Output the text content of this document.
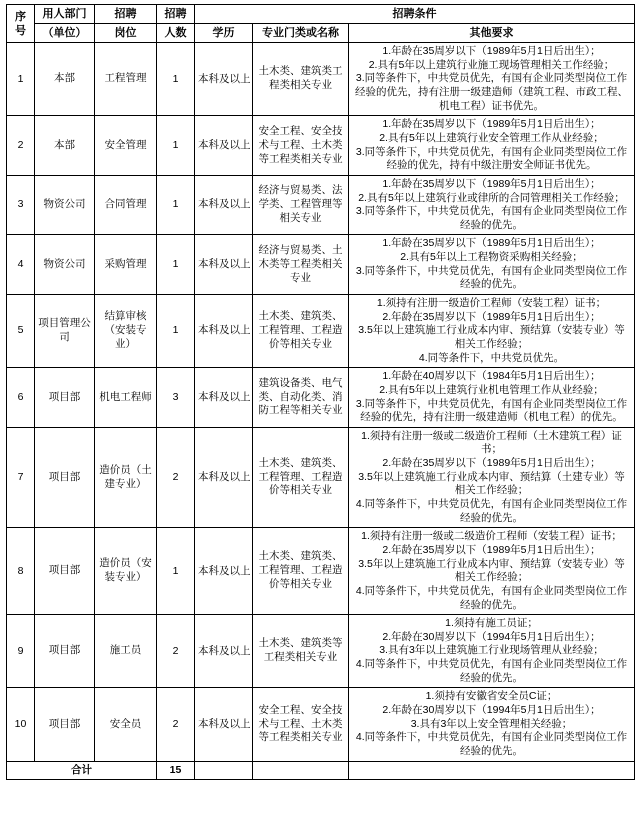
序号	用人部门	招聘	招聘	招聘条件		
	（单位）	岗位	人数	学历	专业门类或名称	其他要求
1	本部	工程管理	1	本科及以上	土木类、建筑类工程类相关专业	1.年龄在35周岁以下（1989年5月1日后出生）；
2.具有5年以上建筑行业施工现场管理相关工作经验；
3.同等条件下，中共党员优先，有国有企业同类型岗位工作
经验的优先，持有注册一级建造师（建筑工程、市政工程、
机电工程）证书优先。

2	本部	安全管理	1	本科及以上	安全工程、安全技术与工程、土木类等工程类相关专业	1.年龄在35周岁以下（1989年5月1日后出生）；
2.具有5年以上建筑行业安全管理工作从业经验；
3.同等条件下，中共党员优先，有国有企业同类型岗位工作
经验的优先，持有中级注册安全师证书优先。

3	物资公司	合同管理	1	本科及以上	经济与贸易类、法学类、工程管理等相关专业	1.年龄在35周岁以下（1989年5月1日后出生）；
2.具有5年以上建筑行业或律所的合同管理相关工作经验；
3.同等条件下，中共党员优先，有国有企业同类型岗位工作
经验的优先。

4	物资公司	采购管理	1	本科及以上	经济与贸易类、土木类等工程类相关专业	1.年龄在35周岁以下（1989年5月1日后出生）；
2.具有5年以上工程物资采购相关经验；
3.同等条件下，中共党员优先，有国有企业同类型岗位工作
经验的优先。

5	项目管理公司	结算审核（安装专业）	1	本科及以上	土木类、建筑类、工程管理、工程造价等相关专业	1.须持有注册一级造价工程师（安装工程）证书；
2.年龄在35周岁以下（1989年5月1日后出生）；
3.5年以上建筑施工行业成本内审、预结算（安装专业）等
相关工作经验；
4.同等条件下，中共党员优先。

6	项目部	机电工程师	3	本科及以上	建筑设备类、电气类、自动化类、消防工程等相关专业	1.年龄在40周岁以下（1984年5月1日后出生）；
2.具有5年以上建筑行业机电管理工作从业经验；
3.同等条件下，中共党员优先，有国有企业同类型岗位工作
经验的优先，持有注册一级建造师（机电工程）的优先。

7	项目部	造价员（土建专业）	2	本科及以上	土木类、建筑类、工程管理、工程造价等相关专业	
1.须持有注册一级或二级造价工程师（土木建筑工程）证
书；
2.年龄在35周岁以下（1989年5月1日后出生）；
3.5年以上建筑施工行业成本内审、预结算（土建专业）等
相关工作经验；
4.同等条件下，中共党员优先，有国有企业同类型岗位工作
经验的优先。

8	项目部	造价员（安装专业）	1	本科及以上	土木类、建筑类、工程管理、工程造价等相关专业	
1.须持有注册一级或二级造价工程师（安装工程）证书；
2.年龄在35周岁以下（1989年5月1日后出生）；
3.5年以上建筑施工行业成本内审、预结算（安装专业）等
相关工作经验；
4.同等条件下，中共党员优先，有国有企业同类型岗位工作
经验的优先。

9	项目部	施工员	2	本科及以上	土木类、建筑类等工程类相关专业	1.须持有施工员证；
2.年龄在30周岁以下（1994年5月1日后出生）；
3.具有3年以上建筑施工行业现场管理从业经验；
4.同等条件下，中共党员优先，有国有企业同类型岗位工作
经验的优先。

10	项目部	安全员	2	本科及以上	安全工程、安全技术与工程、土木类等工程类相关专业	1.须持有安徽省安全员C证；
2.年龄在30周岁以下（1994年5月1日后出生）；
3.具有3年以上安全管理相关经验；
4.同等条件下，中共党员优先，有国有企业同类型岗位工作
经验的优先。

合计			15			
